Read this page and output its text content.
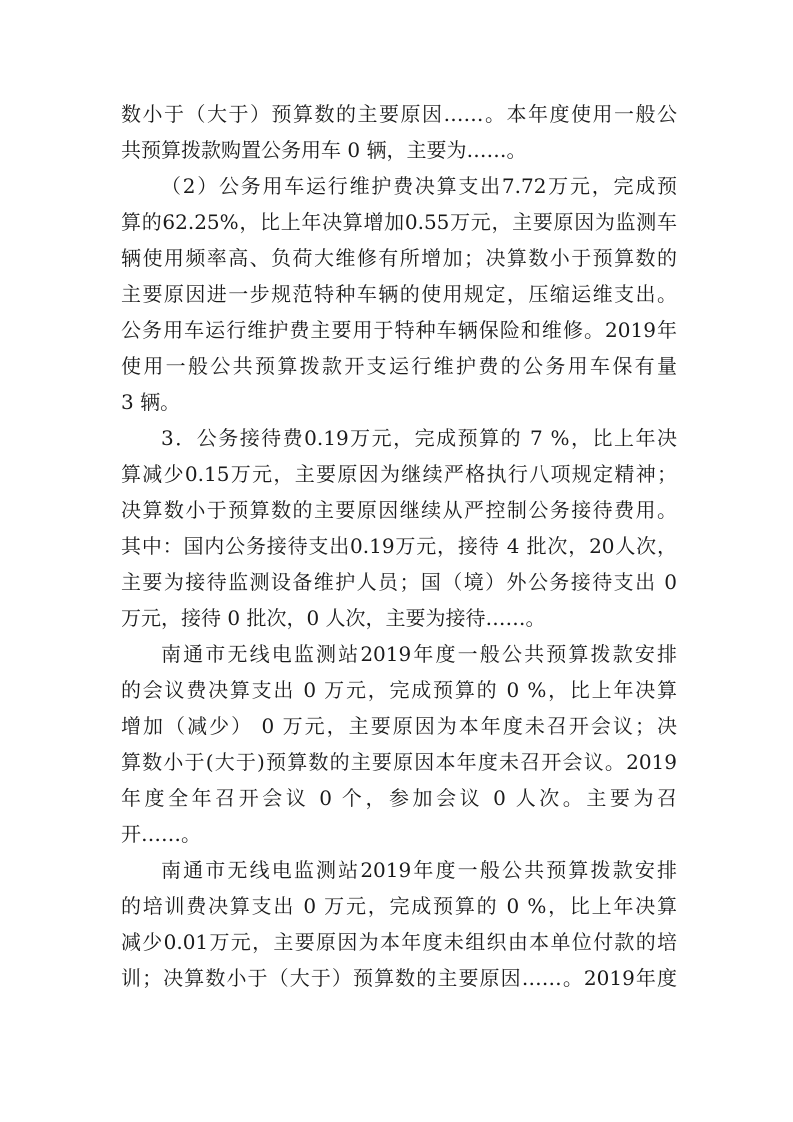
数小于（大于）预算数的主要原因……。本年度使用一般公
共预算拨款购置公务用车 0 辆，主要为……。
（2）公务用车运行维护费决算支出7.72万元，完成预
算的62.25%，比上年决算增加0.55万元，主要原因为监测车
辆使用频率高、负荷大维修有所增加；决算数小于预算数的
主要原因进一步规范特种车辆的使用规定，压缩运维支出。
公务用车运行维护费主要用于特种车辆保险和维修。2019年
使用一般公共预算拨款开支运行维护费的公务用车保有量
3 辆。
3．公务接待费0.19万元，完成预算的 7 %，比上年决
算减少0.15万元，主要原因为继续严格执行八项规定精神；
决算数小于预算数的主要原因继续从严控制公务接待费用。
其中：国内公务接待支出0.19万元，接待 4 批次，20人次，
主要为接待监测设备维护人员；国（境）外公务接待支出 0
万元，接待 0 批次，0 人次，主要为接待……。
南通市无线电监测站2019年度一般公共预算拨款安排
的会议费决算支出 0 万元，完成预算的 0 %，比上年决算
增加（减少） 0 万元，主要原因为本年度未召开会议；决
算数小于(大于)预算数的主要原因本年度未召开会议。2019
年度全年召开会议 0 个，参加会议 0 人次。主要为召
开……。
南通市无线电监测站2019年度一般公共预算拨款安排
的培训费决算支出 0 万元，完成预算的 0 %，比上年决算
减少0.01万元，主要原因为本年度未组织由本单位付款的培
训；决算数小于（大于）预算数的主要原因……。2019年度
